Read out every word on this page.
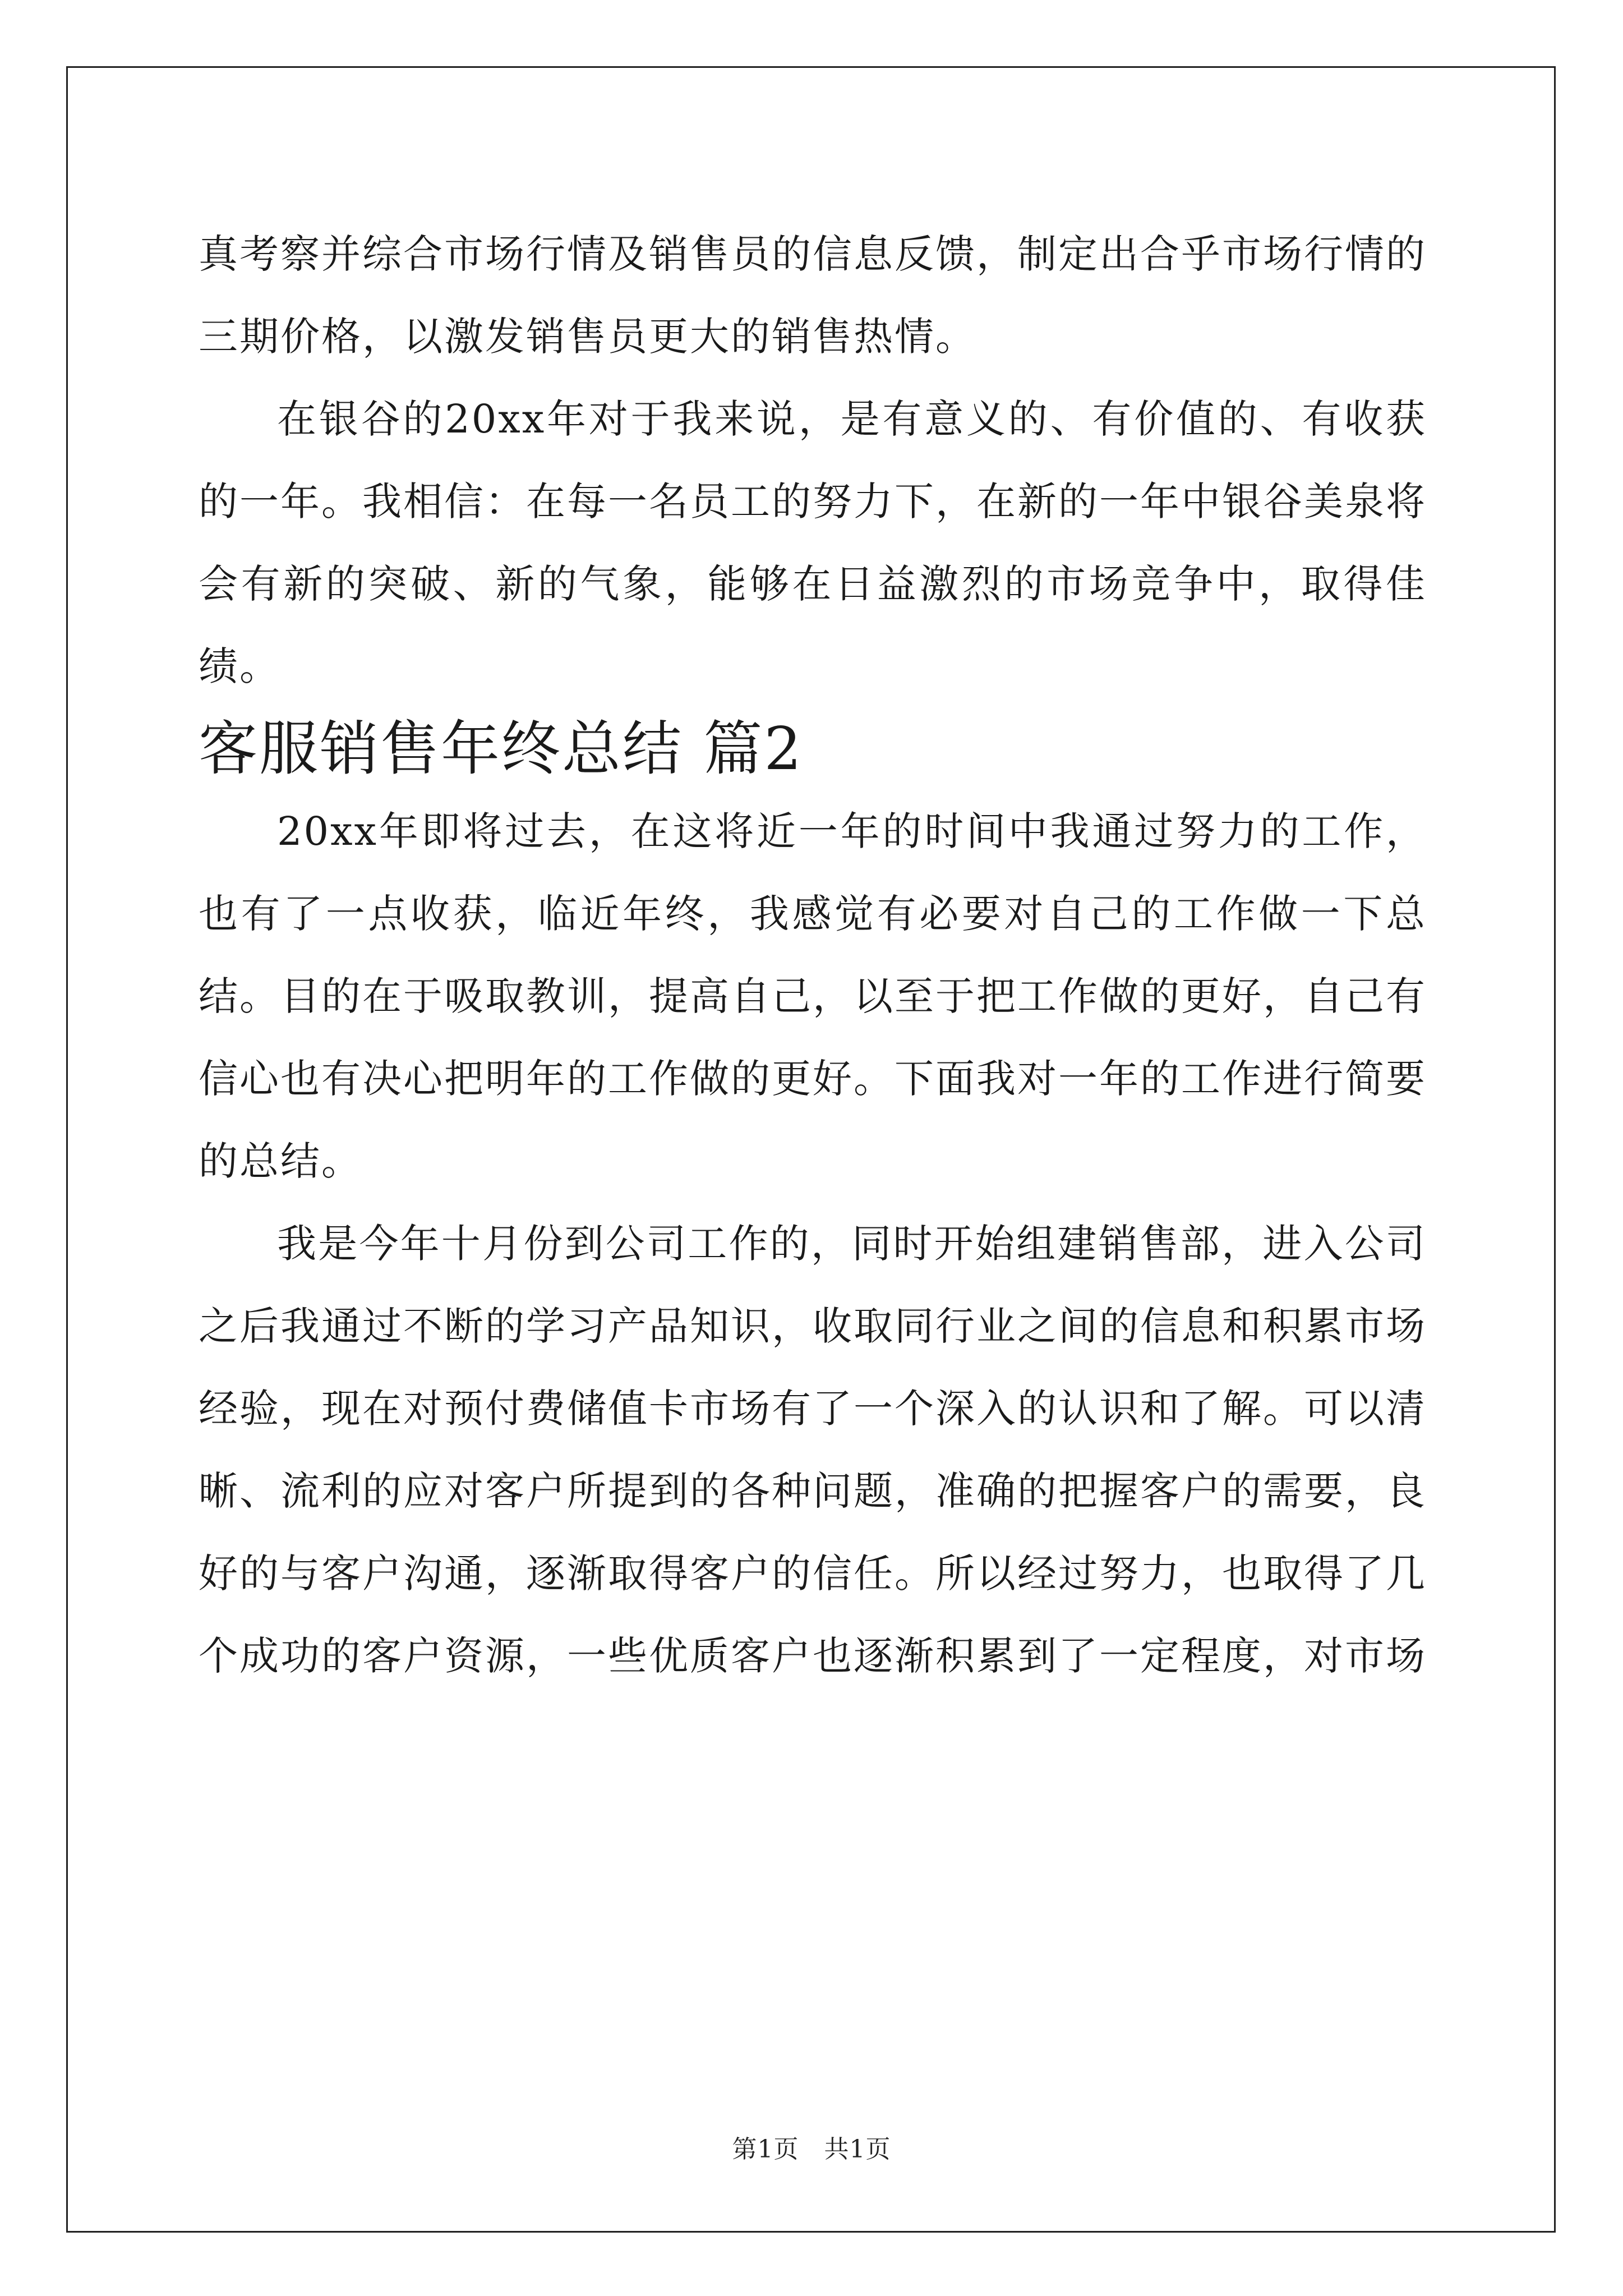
真考察并综合市场行情及销售员的信息反馈，制定出合乎市场行情的三期价格，以激发销售员更大的销售热情。

在银谷的20xx年对于我来说，是有意义的、有价值的、有收获的一年。我相信：在每一名员工的努力下，在新的一年中银谷美泉将会有新的突破、新的气象，能够在日益激烈的市场竞争中，取得佳绩。

客服销售年终总结 篇2

20xx年即将过去，在这将近一年的时间中我通过努力的工作，也有了一点收获，临近年终，我感觉有必要对自己的工作做一下总结。目的在于吸取教训，提高自己，以至于把工作做的更好，自己有信心也有决心把明年的工作做的更好。下面我对一年的工作进行简要的总结。

我是今年十月份到公司工作的，同时开始组建销售部，进入公司之后我通过不断的学习产品知识，收取同行业之间的信息和积累市场经验，现在对预付费储值卡市场有了一个深入的认识和了解。可以清晰、流利的应对客户所提到的各种问题，准确的把握客户的需要，良好的与客户沟通，逐渐取得客户的信任。所以经过努力，也取得了几个成功的客户资源，一些优质客户也逐渐积累到了一定程度，对市场

第1页　共1页
